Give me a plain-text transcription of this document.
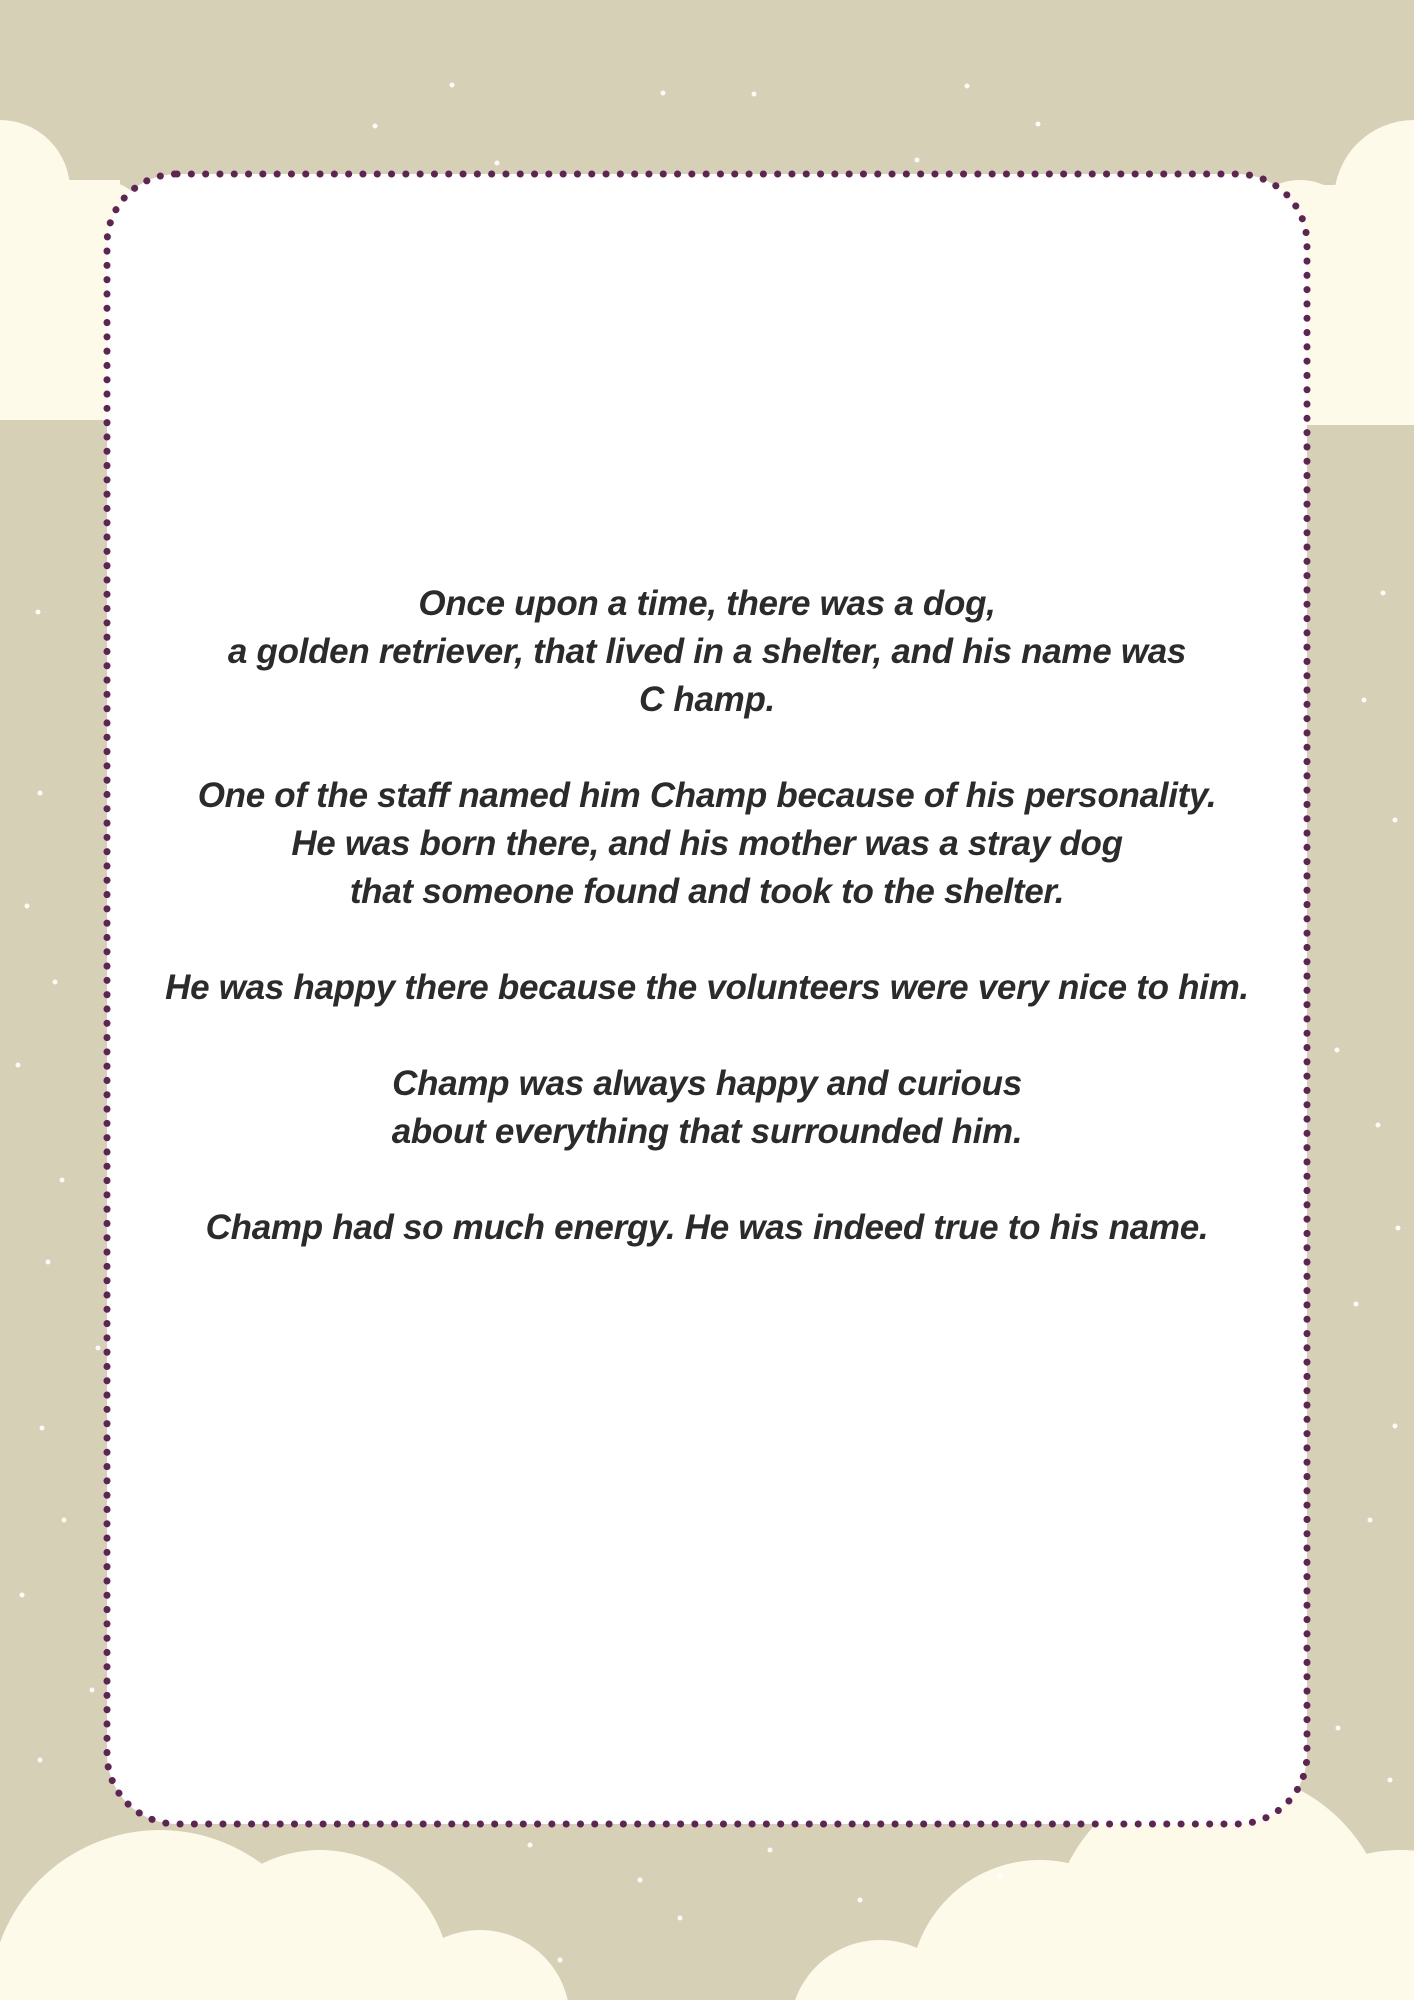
Once upon a time, there was a dog,
a golden retriever, that lived in a shelter, and his name was
C hamp.

One of the staff named him Champ because of his personality.
He was born there, and his mother was a stray dog
that someone found and took to the shelter.

He was happy there because the volunteers were very nice to him.

Champ was always happy and curious
about everything that surrounded him.

Champ had so much energy. He was indeed true to his name.
